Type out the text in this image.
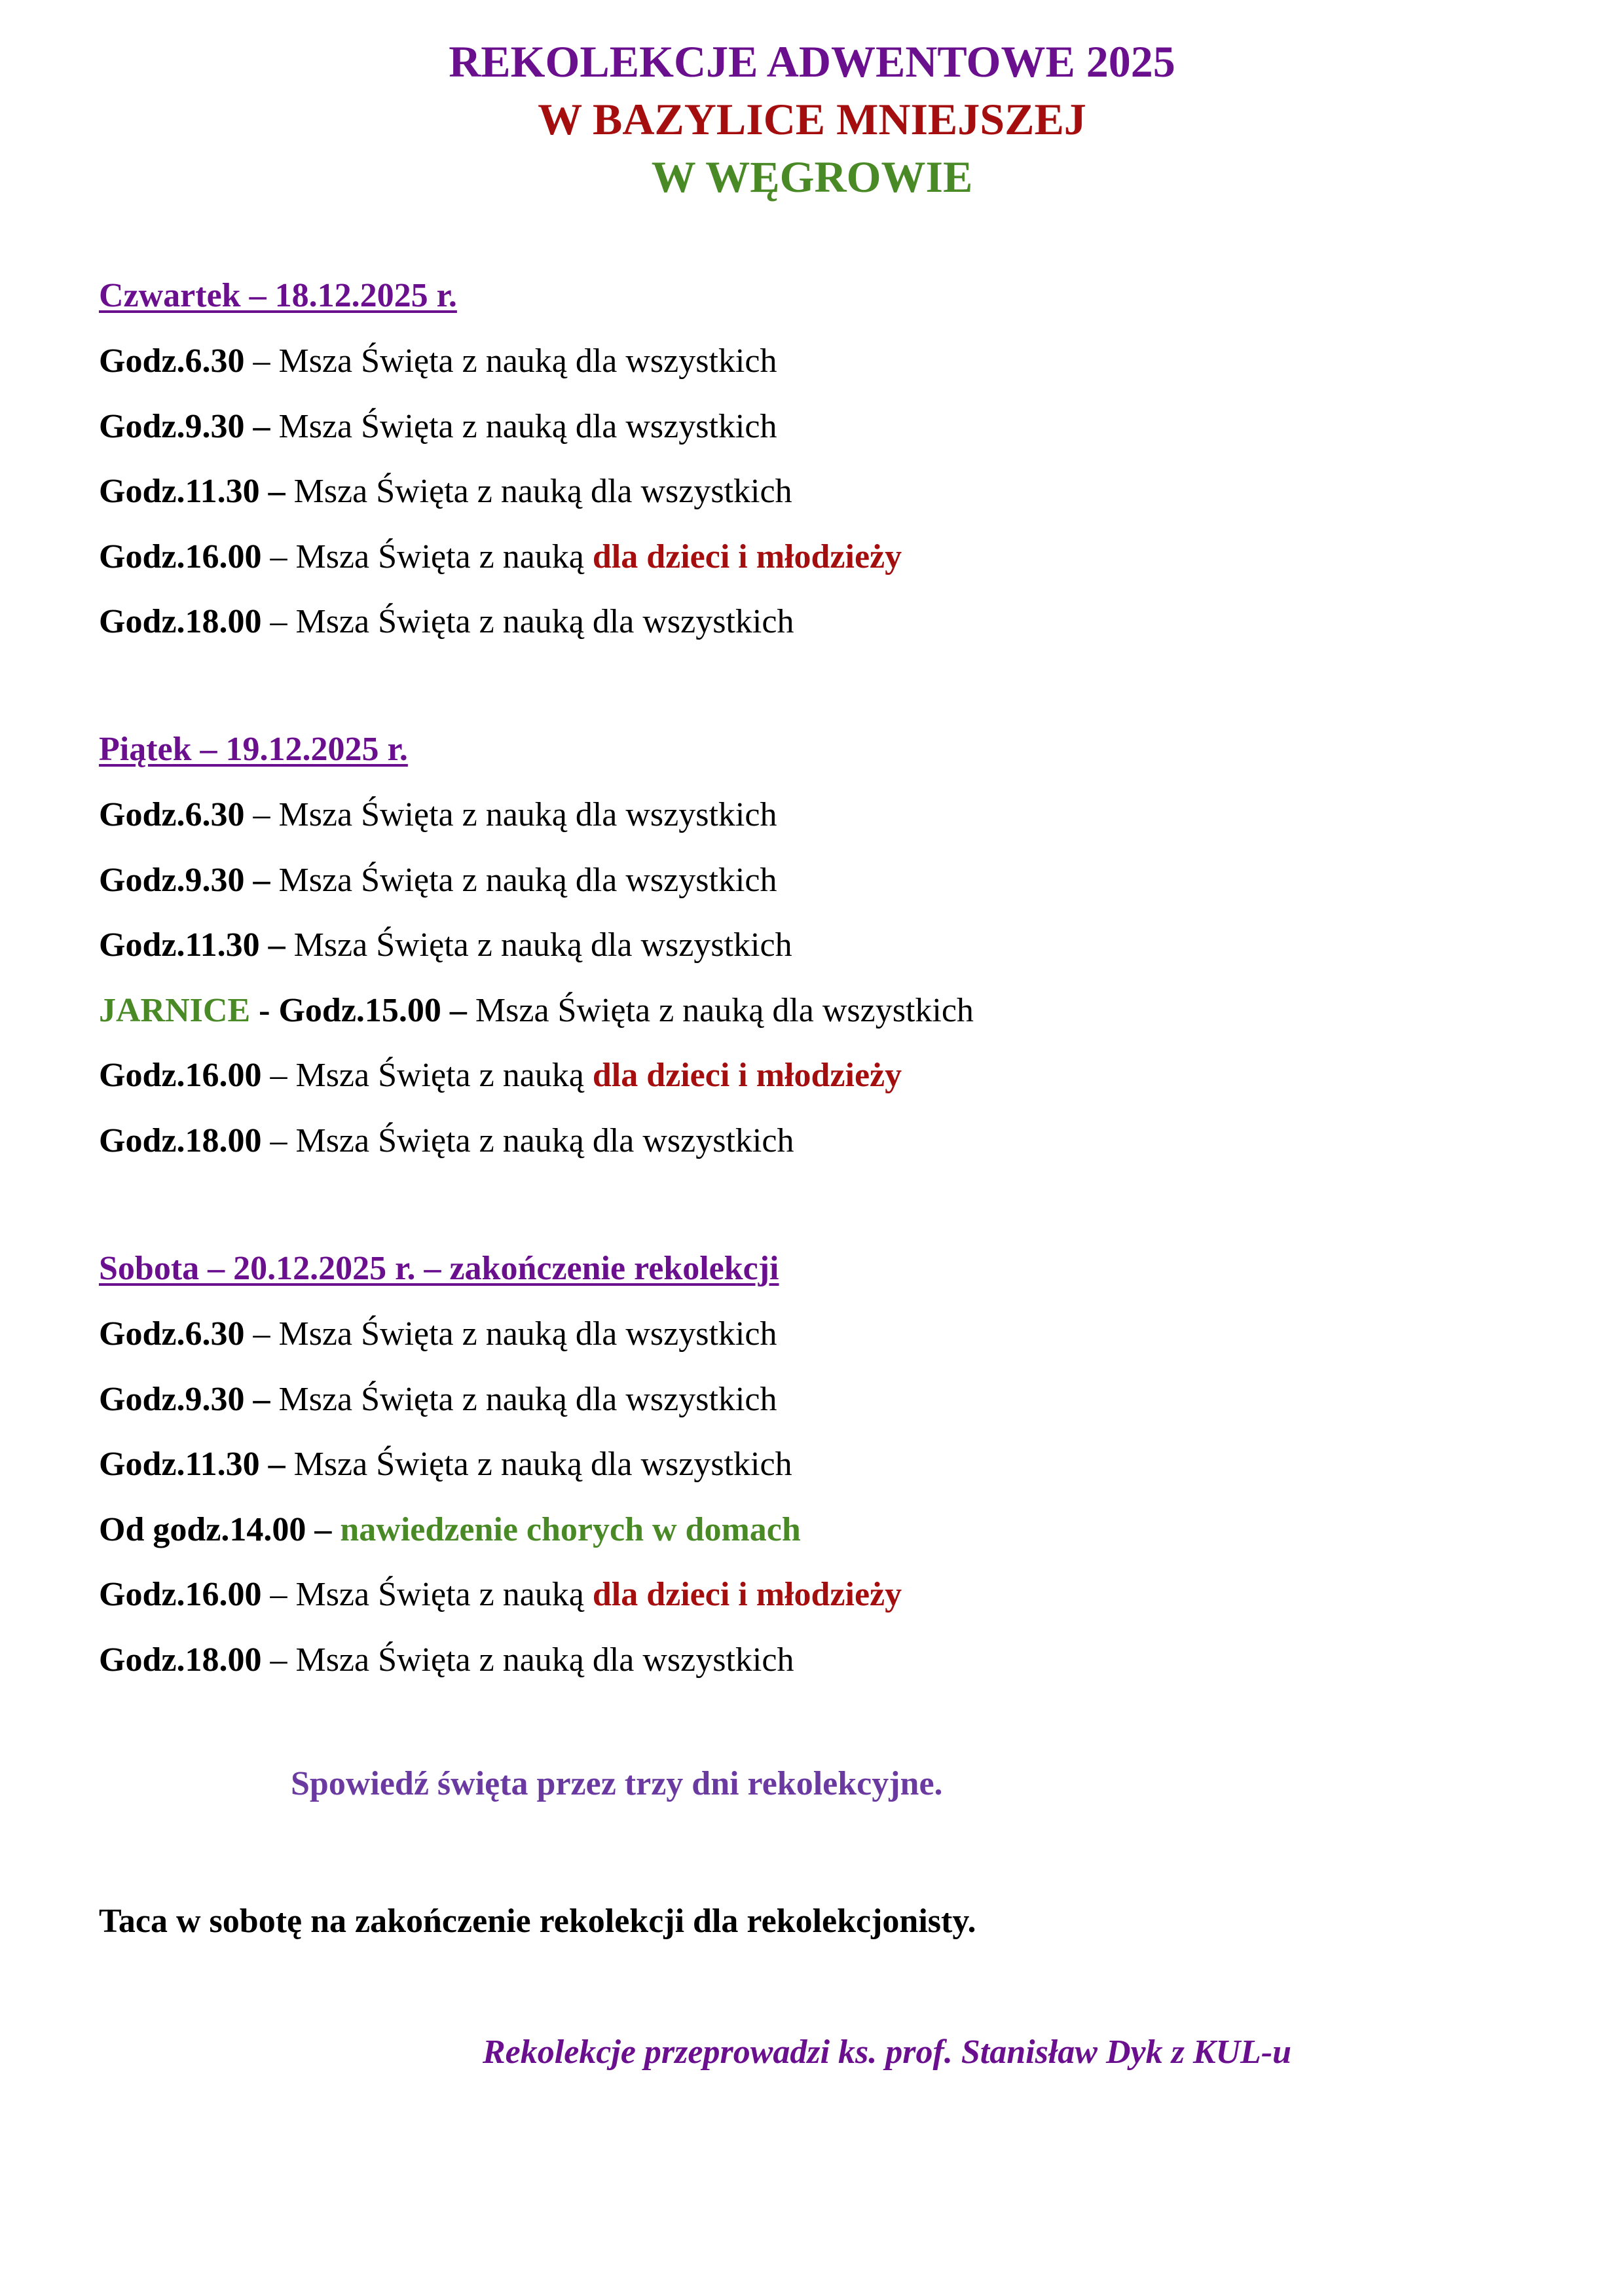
REKOLEKCJE ADWENTOWE 2025
W BAZYLICE MNIEJSZEJ
W WĘGROWIE
Czwartek – 18.12.2025 r.
Godz.6.30 – Msza Święta z nauką dla wszystkich
Godz.9.30 – Msza Święta z nauką dla wszystkich
Godz.11.30 – Msza Święta z nauką dla wszystkich
Godz.16.00 – Msza Święta z nauką dla dzieci i młodzieży
Godz.18.00 – Msza Święta z nauką dla wszystkich
Piątek – 19.12.2025 r.
Godz.6.30 – Msza Święta z nauką dla wszystkich
Godz.9.30 – Msza Święta z nauką dla wszystkich
Godz.11.30 – Msza Święta z nauką dla wszystkich
JARNICE - Godz.15.00 – Msza Święta z nauką dla wszystkich
Godz.16.00 – Msza Święta z nauką dla dzieci i młodzieży
Godz.18.00 – Msza Święta z nauką dla wszystkich
Sobota – 20.12.2025 r. – zakończenie rekolekcji
Godz.6.30 – Msza Święta z nauką dla wszystkich
Godz.9.30 – Msza Święta z nauką dla wszystkich
Godz.11.30 – Msza Święta z nauką dla wszystkich
Od godz.14.00 – nawiedzenie chorych w domach
Godz.16.00 – Msza Święta z nauką dla dzieci i młodzieży
Godz.18.00 – Msza Święta z nauką dla wszystkich
Spowiedź święta przez trzy dni rekolekcyjne.
Taca w sobotę na zakończenie rekolekcji dla rekolekcjonisty.
Rekolekcje przeprowadzi ks. prof. Stanisław Dyk z KUL-u
